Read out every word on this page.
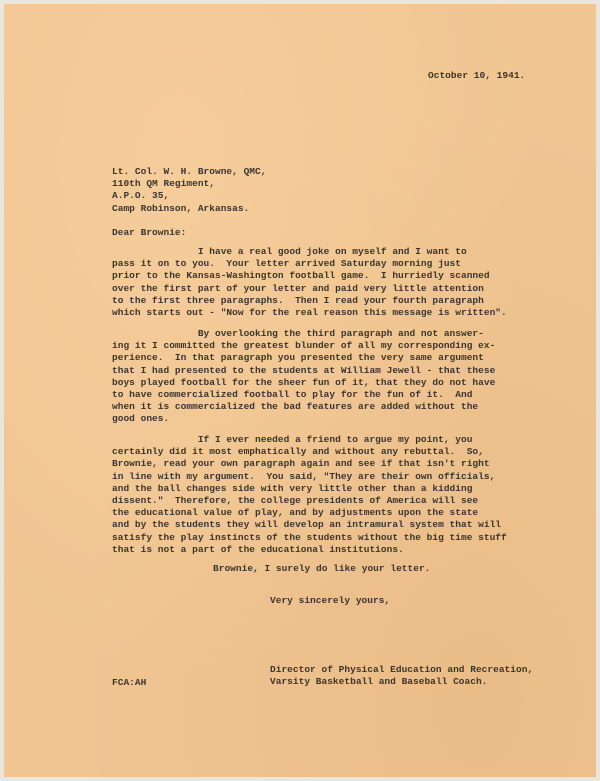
October 10, 1941.
Lt. Col. W. H. Browne, QMC,
110th QM Regiment,
A.P.O. 35,
Camp Robinson, Arkansas.
Dear Brownie:
I have a real good joke on myself and I want to
pass it on to you.  Your letter arrived Saturday morning just
prior to the Kansas-Washington football game.  I hurriedly scanned
over the first part of your letter and paid very little attention
to the first three paragraphs.  Then I read your fourth paragraph
which starts out - "Now for the real reason this message is written".
By overlooking the third paragraph and not answer-
ing it I committed the greatest blunder of all my corresponding ex-
perience.  In that paragraph you presented the very same argument
that I had presented to the students at William Jewell - that these
boys played football for the sheer fun of it, that they do not have
to have commercialized football to play for the fun of it.  And
when it is commercialized the bad features are added without the
good ones.
If I ever needed a friend to argue my point, you
certainly did it most emphatically and without any rebuttal.  So,
Brownie, read your own paragraph again and see if that isn't right
in line with my argument.  You said, "They are their own officials,
and the ball changes side with very little other than a kidding
dissent."  Therefore, the college presidents of America will see
the educational value of play, and by adjustments upon the state
and by the students they will develop an intramural system that will
satisfy the play instincts of the students without the big time stuff
that is not a part of the educational institutions.
Brownie, I surely do like your letter.
Very sincerely yours,
Director of Physical Education and Recreation,
Varsity Basketball and Baseball Coach.
FCA:AH
